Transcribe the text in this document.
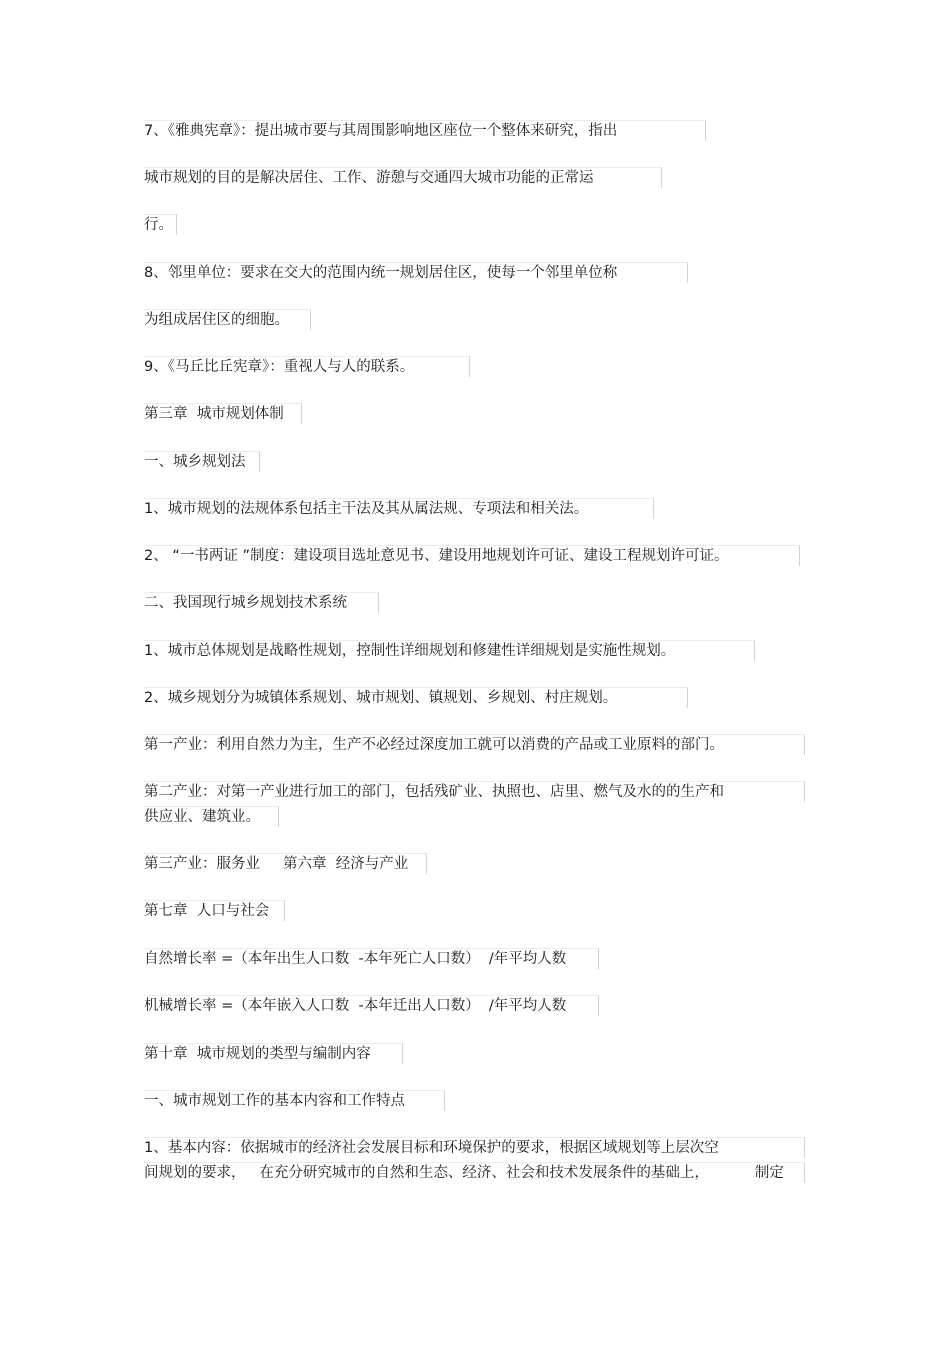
7、《雅典宪章》：提出城市要与其周围影响地区座位一个整体来研究，指出
城市规划的目的是解决居住、工作、游憩与交通四大城市功能的正常运
行。
8、邻里单位：要求在交大的范围内统一规划居住区，使每一个邻里单位称
为组成居住区的细胞。
9、《马丘比丘宪章》：重视人与人的联系。
第三章  城市规划体制
一、城乡规划法
1、城市规划的法规体系包括主干法及其从属法规、专项法和相关法。
2、 “一书两证 ”制度：建设项目选址意见书、建设用地规划许可证、建设工程规划许可证。
二、我国现行城乡规划技术系统
1、城市总体规划是战略性规划，控制性详细规划和修建性详细规划是实施性规划。
2、城乡规划分为城镇体系规划、城市规划、镇规划、乡规划、村庄规划。
第一产业：利用自然力为主，生产不必经过深度加工就可以消费的产品或工业原料的部门。
第二产业：对第一产业进行加工的部门，包括残矿业、执照也、店里、燃气及水的的生产和
供应业、建筑业。
第三产业：服务业     第六章  经济与产业
第七章  人口与社会
自然增长率 =（本年出生人口数  -本年死亡人口数）  /年平均人数
机械增长率 =（本年嵌入人口数  -本年迁出人口数）  /年平均人数
第十章  城市规划的类型与编制内容
一、城市规划工作的基本内容和工作特点
1、基本内容：依据城市的经济社会发展目标和环境保护的要求，根据区域规划等上层次空
间规划的要求，   在充分研究城市的自然和生态、经济、社会和技术发展条件的基础上，          制定
